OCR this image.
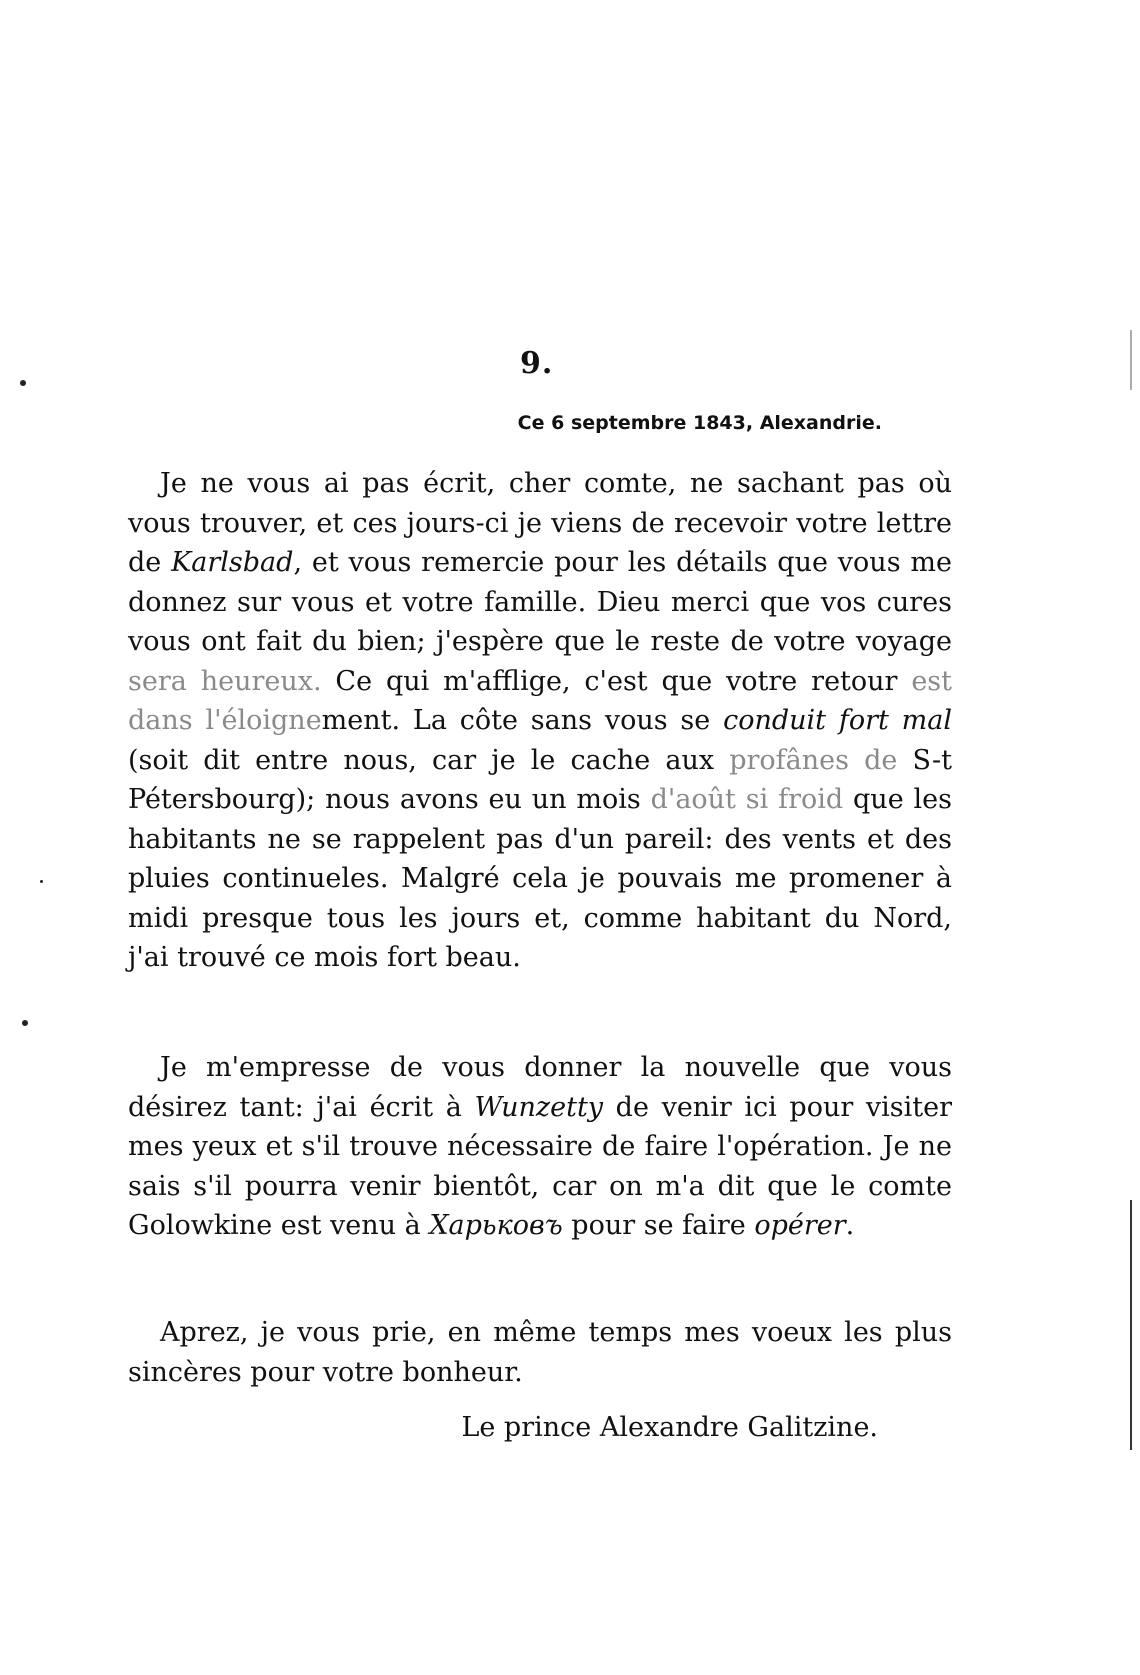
9.
Ce 6 septembre 1843, Alexandrie.

Je ne vous ai pas écrit, cher comte, ne sachant pas où vous trouver, et ces jours-ci je viens de recevoir votre lettre de Karlsbad, et vous remercie pour les détails que vous me donnez sur vous et votre famille. Dieu merci que vos cures vous ont fait du bien; j'espère que le reste de votre voyage sera heureux. Ce qui m'afflige, c'est que votre retour est dans l'éloignement. La côte sans vous se conduit fort mal (soit dit entre nous, car je le cache aux profânes de S-t Pétersbourg); nous avons eu un mois d'août si froid que les habitants ne se rappelent pas d'un pareil: des vents et des pluies continueles. Malgré cela je pouvais me promener à midi presque tous les jours et, comme habitant du Nord, j'ai trouvé ce mois fort beau.

Je m'empresse de vous donner la nouvelle que vous désirez tant: j'ai écrit à Wunzetty de venir ici pour visiter mes yeux et s'il trouve nécessaire de faire l'opération. Je ne sais s'il pourra venir bientôt, car on m'a dit que le comte Golowkine est venu à Харьковъ pour se faire opérer.

Aprez, je vous prie, en même temps mes voeux les plus sincères pour votre bonheur.

Le prince Alexandre Galitzine.
